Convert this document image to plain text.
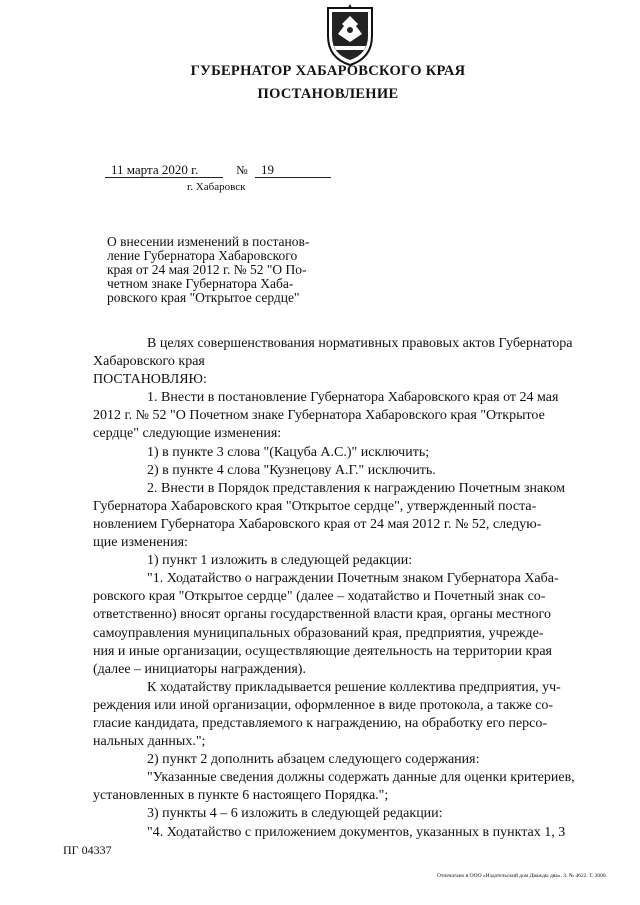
ГУБЕРНАТОР ХАБАРОВСКОГО КРАЯ
ПОСТАНОВЛЕНИЕ
11 марта 2020 г.	№ 19
г. Хабаровск
О внесении изменений в постанов-
ление Губернатора Хабаровского
края от 24 мая 2012 г. № 52 "О По-
четном знаке Губернатора Хаба-
ровского края "Открытое сердце"
В целях совершенствования нормативных правовых актов Губернатора
Хабаровского края
ПОСТАНОВЛЯЮ:
1. Внести в постановление Губернатора Хабаровского края от 24 мая
2012 г. № 52 "О Почетном знаке Губернатора Хабаровского края "Открытое
сердце" следующие изменения:
1) в пункте 3 слова "(Кацуба А.С.)" исключить;
2) в пункте 4 слова "Кузнецову А.Г." исключить.
2. Внести в Порядок представления к награждению Почетным знаком
Губернатора Хабаровского края "Открытое сердце", утвержденный поста-
новлением Губернатора Хабаровского края от 24 мая 2012 г. № 52, следую-
щие изменения:
1) пункт 1 изложить в следующей редакции:
"1. Ходатайство о награждении Почетным знаком Губернатора Хаба-
ровского края "Открытое сердце" (далее – ходатайство и Почетный знак со-
ответственно) вносят органы государственной власти края, органы местного
самоуправления муниципальных образований края, предприятия, учрежде-
ния и иные организации, осуществляющие деятельность на территории края
(далее – инициаторы награждения).
К ходатайству прикладывается решение коллектива предприятия, уч-
реждения или иной организации, оформленное в виде протокола, а также со-
гласие кандидата, представляемого к награждению, на обработку его персо-
нальных данных.";
2) пункт 2 дополнить абзацем следующего содержания:
"Указанные сведения должны содержать данные для оценки критериев,
установленных в пункте 6 настоящего Порядка.";
3) пункты 4 – 6 изложить в следующей редакции:
"4. Ходатайство с приложением документов, указанных в пунктах 1, 3
ПГ 04337
Отпечатано в ООО «Издательский дом Дважды два». З. № 4622. Т. 3000.
